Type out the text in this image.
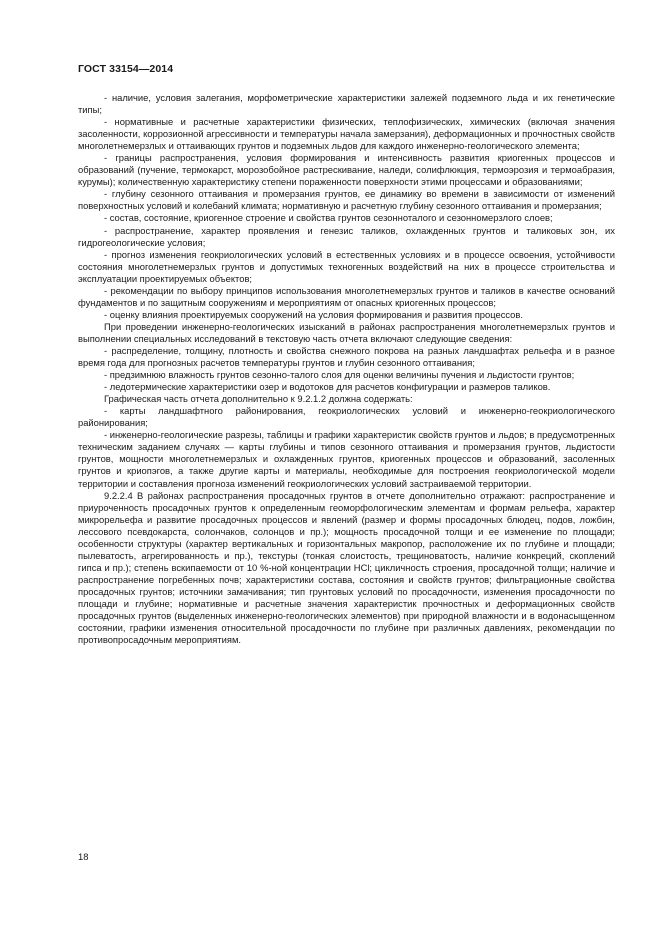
ГОСТ 33154—2014

- наличие, условия залегания, морфометрические характеристики залежей подземного льда и их генетические типы;

- нормативные и расчетные характеристики физических, теплофизических, химических (включая значения засоленности, коррозионной агрессивности и температуры начала замерзания), деформационных и прочностных свойств многолетнемерзлых и оттаивающих грунтов и подземных льдов для каждого инженерно-геологического элемента;

- границы распространения, условия формирования и интенсивность развития криогенных процессов и образований (пучение, термокарст, морозобойное растрескивание, наледи, солифлюкция, термоэрозия и термоабразия, курумы); количественную характеристику степени пораженности поверхности этими процессами и образованиями;

- глубину сезонного оттаивания и промерзания грунтов, ее динамику во времени в зависимости от изменений поверхностных условий и колебаний климата; нормативную и расчетную глубину сезонного оттаивания и промерзания;

- состав, состояние, криогенное строение и свойства грунтов сезонноталого и сезонномерзлого слоев;

- распространение, характер проявления и генезис таликов, охлажденных грунтов и таликовых зон, их гидрогеологические условия;

- прогноз изменения геокриологических условий в естественных условиях и в процессе освоения, устойчивости состояния многолетнемерзлых грунтов и допустимых техногенных воздействий на них в процессе строительства и эксплуатации проектируемых объектов;

- рекомендации по выбору принципов использования многолетнемерзлых грунтов и таликов в качестве оснований фундаментов и по защитным сооружениям и мероприятиям от опасных криогенных процессов;

- оценку влияния проектируемых сооружений на условия формирования и развития процессов.

При проведении инженерно-геологических изысканий в районах распространения многолетнемерзлых грунтов и выполнении специальных исследований в текстовую часть отчета включают следующие сведения:

- распределение, толщину, плотность и свойства снежного покрова на разных ландшафтах рельефа и в разное время года для прогнозных расчетов температуры грунтов и глубин сезонного оттаивания;

- предзимнюю влажность грунтов сезонно-талого слоя для оценки величины пучения и льдистости грунтов;

- ледотермические характеристики озер и водотоков для расчетов конфигурации и размеров таликов.

Графическая часть отчета дополнительно к 9.2.1.2 должна содержать:

- карты ландшафтного районирования, геокриологических условий и инженерно-геокриологического районирования;

- инженерно-геологические разрезы, таблицы и графики характеристик свойств грунтов и льдов; в предусмотренных техническим заданием случаях — карты глубины и типов сезонного оттаивания и промерзания грунтов, льдистости грунтов, мощности многолетнемерзлых и охлажденных грунтов, криогенных процессов и образований, засоленных грунтов и криопэгов, а также другие карты и материалы, необходимые для построения геокриологической модели территории и составления прогноза изменений геокриологических условий застраиваемой территории.

9.2.2.4 В районах распространения просадочных грунтов в отчете дополнительно отражают: распространение и приуроченность просадочных грунтов к определенным геоморфологическим элементам и формам рельефа, характер микрорельефа и развитие просадочных процессов и явлений (размер и формы просадочных блюдец, подов, ложбин, лессового псевдокарста, солончаков, солонцов и пр.); мощность просадочной толщи и ее изменение по площади; особенности структуры (характер вертикальных и горизонтальных макропор, расположение их по глубине и площади; пылеватость, агрегированность и пр.), текстуры (тонкая слоистость, трещиноватость, наличие конкреций, скоплений гипса и пр.); степень вскипаемости от 10 %-ной концентрации HCl; цикличность строения, просадочной толщи; наличие и распространение погребенных почв; характеристики состава, состояния и свойств грунтов; фильтрационные свойства просадочных грунтов; источники замачивания; тип грунтовых условий по просадочности, изменения просадочности по площади и глубине; нормативные и расчетные значения характеристик прочностных и деформационных свойств просадочных грунтов (выделенных инженерно-геологических элементов) при природной влажности и в водонасыщенном состоянии, графики изменения относительной просадочности по глубине при различных давлениях, рекомендации по противопросадочным мероприятиям.

18
